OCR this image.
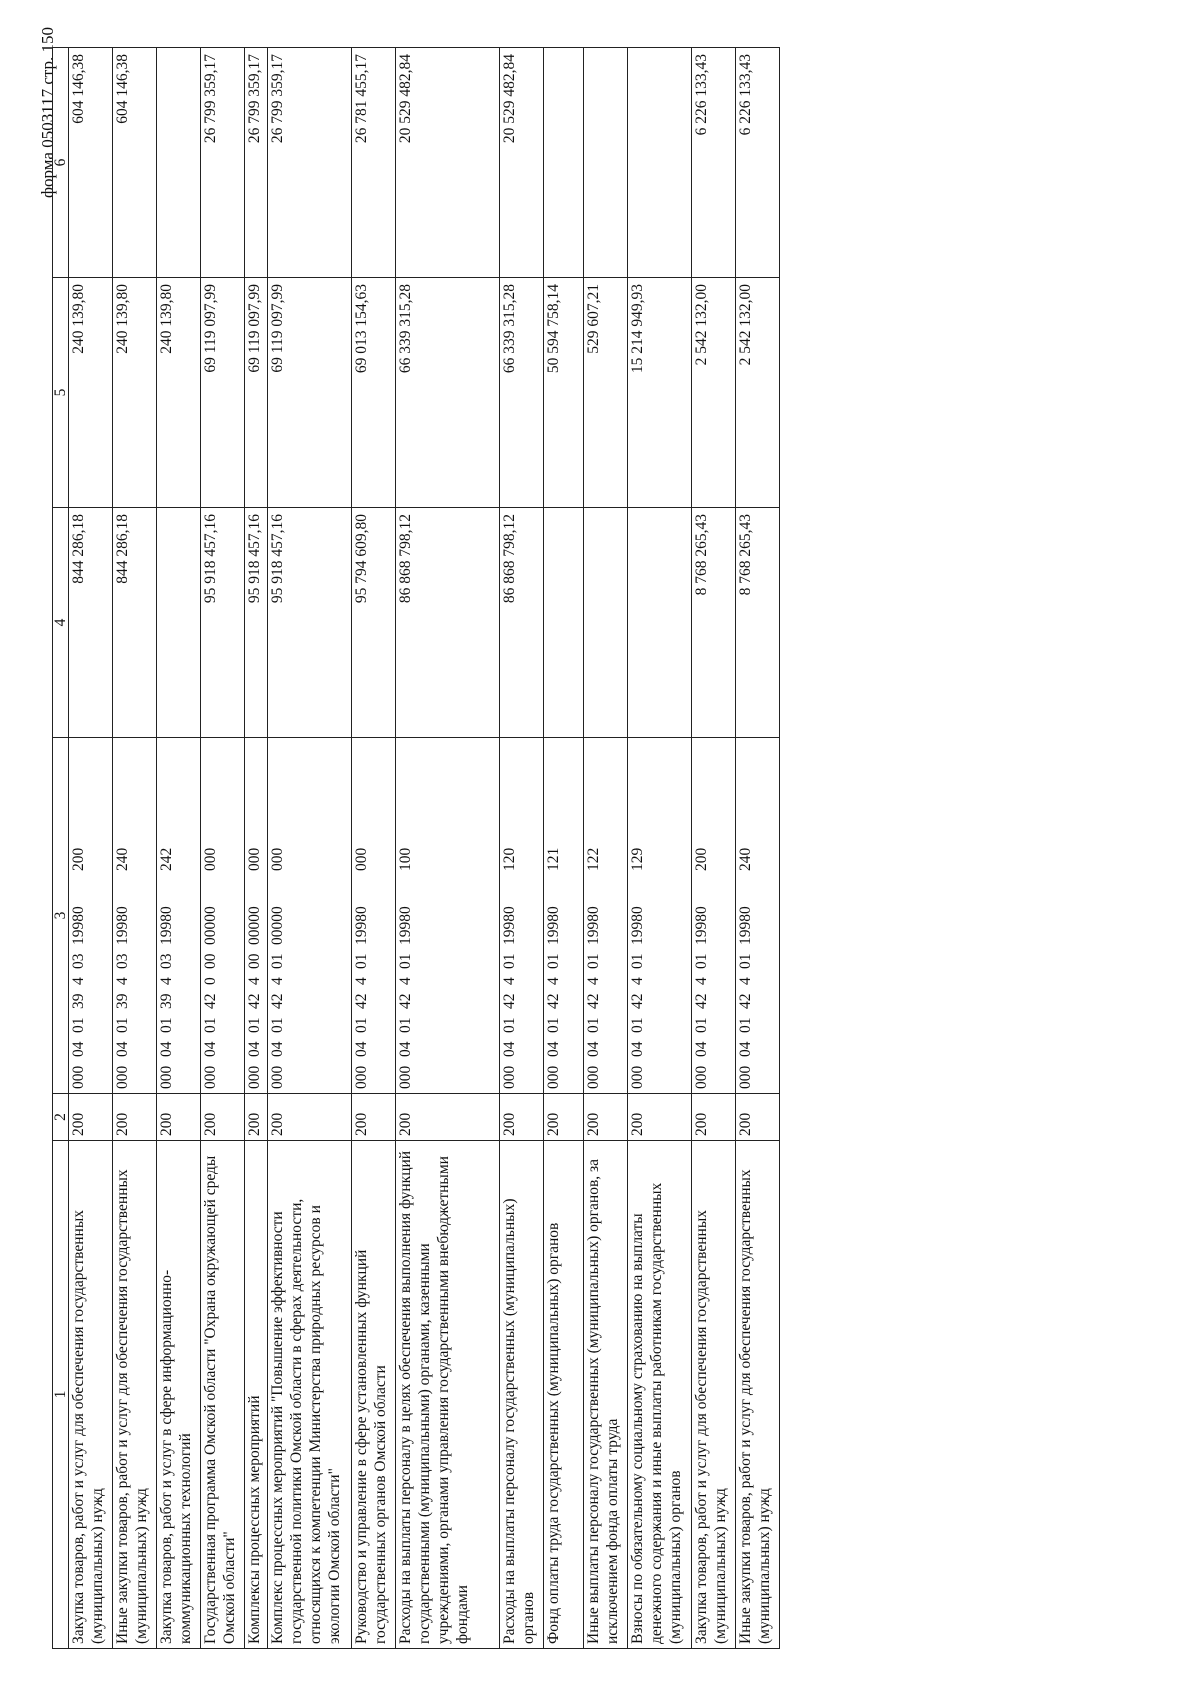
форма 0503117 стр. 150
1	2	3	4	5	6
Закупка товаров, работ и услуг для обеспечения государственных (муниципальных) нужд	200	00004013940319980200	844 286,18	240 139,80	604 146,38
Иные закупки товаров, работ и услуг для обеспечения государственных (муниципальных) нужд	200	00004013940319980240	844 286,18	240 139,80	604 146,38
Закупка товаров, работ и услуг в сфере информационно-коммуникационных технологий	200	00004013940319980242		240 139,80	
Государственная программа Омской области "Охрана окружающей среды Омской области"	200	00004014200000000000	95 918 457,16	69 119 097,99	26 799 359,17
Комплексы процессных мероприятий	200	00004014240000000000	95 918 457,16	69 119 097,99	26 799 359,17
Комплекс процессных мероприятий "Повышение эффективности государственной политики Омской области в сферах деятельности, относящихся к компетенции Министерства природных ресурсов и экологии Омской области"	200	00004014240100000000	95 918 457,16	69 119 097,99	26 799 359,17
Руководство и управление в сфере установленных функций государственных органов Омской области	200	00004014240119980000	95 794 609,80	69 013 154,63	26 781 455,17
Расходы на выплаты персоналу в целях обеспечения выполнения функций государственными (муниципальными) органами, казенными учреждениями, органами управления государственными внебюджетными фондами	200	00004014240119980100	86 868 798,12	66 339 315,28	20 529 482,84
Расходы на выплаты персоналу государственных (муниципальных) органов	200	00004014240119980120	86 868 798,12	66 339 315,28	20 529 482,84
Фонд оплаты труда государственных (муниципальных) органов	200	00004014240119980121		50 594 758,14	
Иные выплаты персоналу государственных (муниципальных) органов, за исключением фонда оплаты труда	200	00004014240119980122		529 607,21	
Взносы по обязательному социальному страхованию на выплаты денежного содержания и иные выплаты работникам государственных (муниципальных) органов	200	00004014240119980129		15 214 949,93	
Закупка товаров, работ и услуг для обеспечения государственных (муниципальных) нужд	200	00004014240119980200	8 768 265,43	2 542 132,00	6 226 133,43
Иные закупки товаров, работ и услуг для обеспечения государственных (муниципальных) нужд	200	00004014240119980240	8 768 265,43	2 542 132,00	6 226 133,43
